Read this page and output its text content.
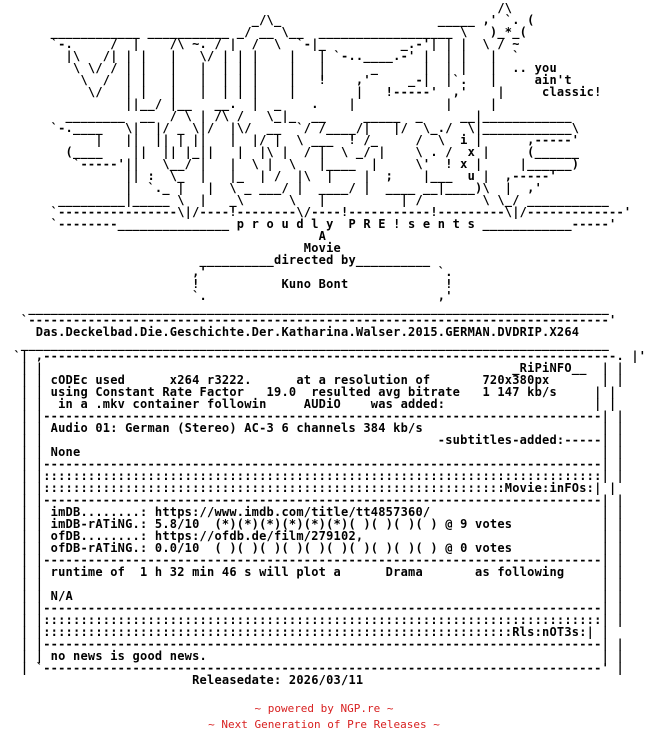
/\
_/\_                     _____ ,' `. (
____________ ___________ _/ __ \__  __________________ \   )_*_(
`-.     /  |    /\ ~. / |  /  \  `-|_          _.-'| | |  \ / ~
|\   /| | |   |   \/ | | |    |   | `-..____.-' |  | |   |  `
\ \/ / | |   |   |  | | |    |   |      _      |  | |   |  .. you
\  /  | |   |   |  | | |    |   !    ,'     _-|  |`.   |     ain't
\/   | |   |   |  | | |    |        |   !-----'  ,'    |     classic!
||__/ |__   __.  |  _    .    |            |     |
________  __  / \ | /\ /   \_|_  __     _____  _     __|____________
`-.____   \|  |/ _ \|/  |\/  __  `/ /____/|   |/  \_./  \|____________\
|   ||  || | ||   |  |/ |  \ ___  ! /_     /  \  i |      ,-----'
(____    ||  || |_||   |  |\ |  / |  \ _/ |    \ . /  x |     (______
`-----'||   \__/ |   |  \ |  \   |____  |     \'  ! x |     |______)
|| :  \_  |   |_  | /  |\  |    |  ;    |___  u |  ,-----'
|  `._ |   |  \ _ ___/ |  ____/ |  ____ __|____)\  |  ,'
_________|_____ \  |   _\      \   |          | /        \ \_/ ___________
`----------------\|/----!--------\/----!-----------!---------\|/-------------'
`--------_______________ p r o u d l y  P R E ! s e n t s ____________-----'
A
Movie
__________directed by__________
,'                               `.
!           Kuno Bont             !
`.                               ,'
______________________________________________________________________________
`------------------------------------------------------------------------------'
Das.Deckelbad.Die.Geschichte.Der.Katharina.Walser.2015.GERMAN.DVDRIP.X264
_______________________________________________________________________________
`| ,-----------------------------------------------------------------------------. |'
| |                                                               _RiPiNFO__  | |
| | cODEc used      x264 r3222.      at a resolution of       720x380px       | |
| | using Constant Rate Factor   19.0  resulted avg bitrate   1 147 kb/s     | |
| |  in a .mkv container followin     AUDiO    was added:                    | |
| |---------------------------------------------------------------------------| |
| | Audio 01: German (Stereo) AC-3 6 channels 384 kb/s                        | |
| |                                                     -subtitles-added:-----| |
| | None                                                                      | |
| |---------------------------------------------------------------------------| |
| |:::::::::::::::::::::::::::::::::::::::::::::::::::::::::::::::::::::::::::| |
| |::::::::::::::::::::::::::::::::::::::::::::::::::::::::::::::Movie:inFOs:| |
| |---------------------------------------------------------------------------| |
| | imDB........: https://www.imdb.com/title/tt4857360/                       | |
| | imDB-rATiNG.: 5.8/10  (*)(*)(*)(*)(*)(*)( )( )( )( ) @ 9 votes            | |
| | ofDB........: https://ofdb.de/film/279102,                                | |
| | ofDB-rATiNG.: 0.0/10  ( )( )( )( )( )( )( )( )( )( ) @ 0 votes            | |
| |---------------------------------------------------------------------------| |
| | runtime of  1 h 32 min 46 s will plot a      Drama       as following     | |
| |                                                                           | |
| | N/A                                                                       | |
| |---------------------------------------------------------------------------| |
| |:::::::::::::::::::::::::::::::::::::::::::::::::::::::::::::::::::::::::::| |
| |:::::::::::::::::::::::::::::::::::::::::::::::::::::::::::::::Rls:nOT3s:| |
| |---------------------------------------------------------------------------| |
| | no news is good news.                                                     | |
| `---------------------------------------------------------------------------' |
Releasedate: 2026/03/11
~ powered by NGP.re ~
~ Next Generation of Pre Releases ~
